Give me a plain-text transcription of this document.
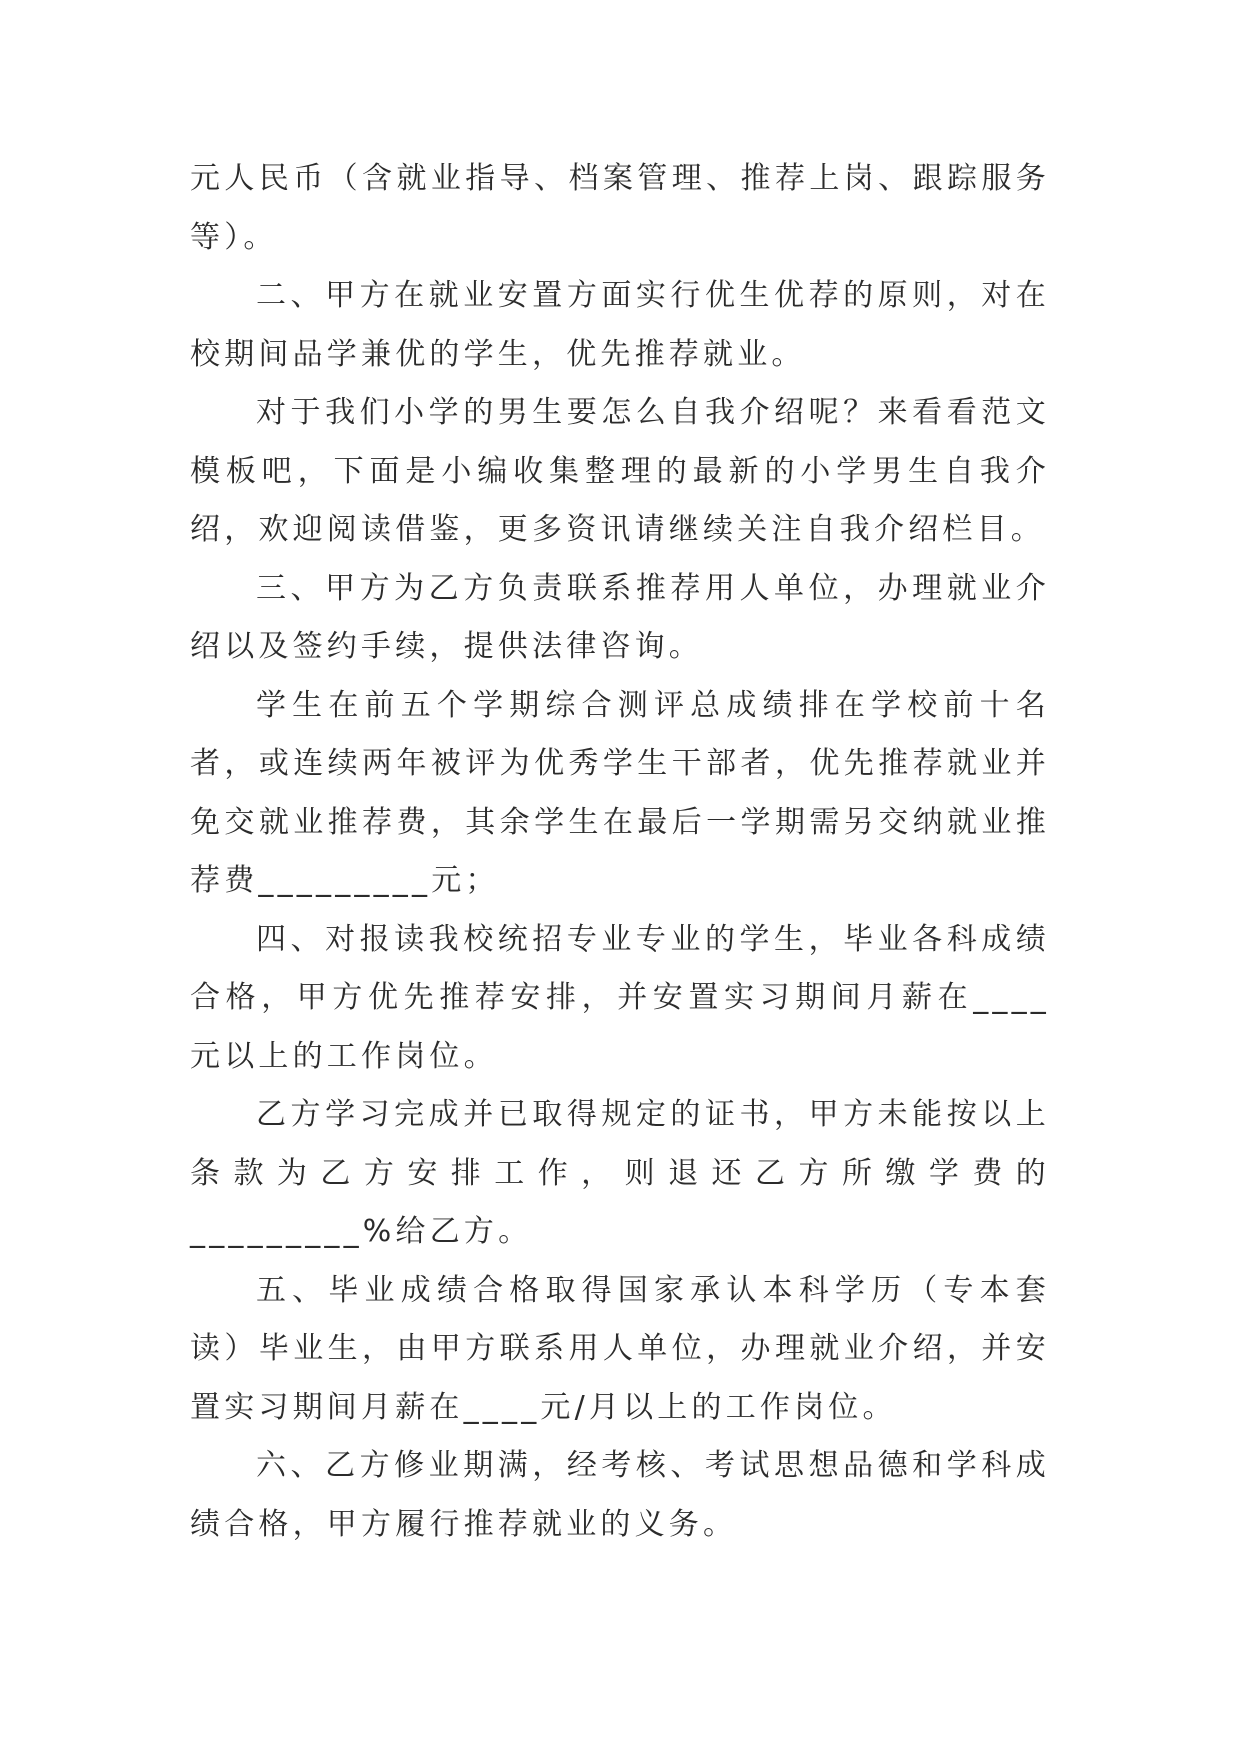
元人民币（含就业指导、档案管理、推荐上岗、跟踪服务等）。

二、甲方在就业安置方面实行优生优荐的原则，对在校期间品学兼优的学生，优先推荐就业。

对于我们小学的男生要怎么自我介绍呢？来看看范文模板吧，下面是小编收集整理的最新的小学男生自我介绍，欢迎阅读借鉴，更多资讯请继续关注自我介绍栏目。

三、甲方为乙方负责联系推荐用人单位，办理就业介绍以及签约手续，提供法律咨询。

学生在前五个学期综合测评总成绩排在学校前十名者，或连续两年被评为优秀学生干部者，优先推荐就业并免交就业推荐费，其余学生在最后一学期需另交纳就业推荐费_________元；

四、对报读我校统招专业专业的学生，毕业各科成绩合格，甲方优先推荐安排，并安置实习期间月薪在____元以上的工作岗位。

乙方学习完成并已取得规定的证书，甲方未能按以上条款为乙方安排工作，则退还乙方所缴学费的_________%给乙方。

五、毕业成绩合格取得国家承认本科学历（专本套读）毕业生，由甲方联系用人单位，办理就业介绍，并安置实习期间月薪在____元/月以上的工作岗位。

六、乙方修业期满，经考核、考试思想品德和学科成绩合格，甲方履行推荐就业的义务。
